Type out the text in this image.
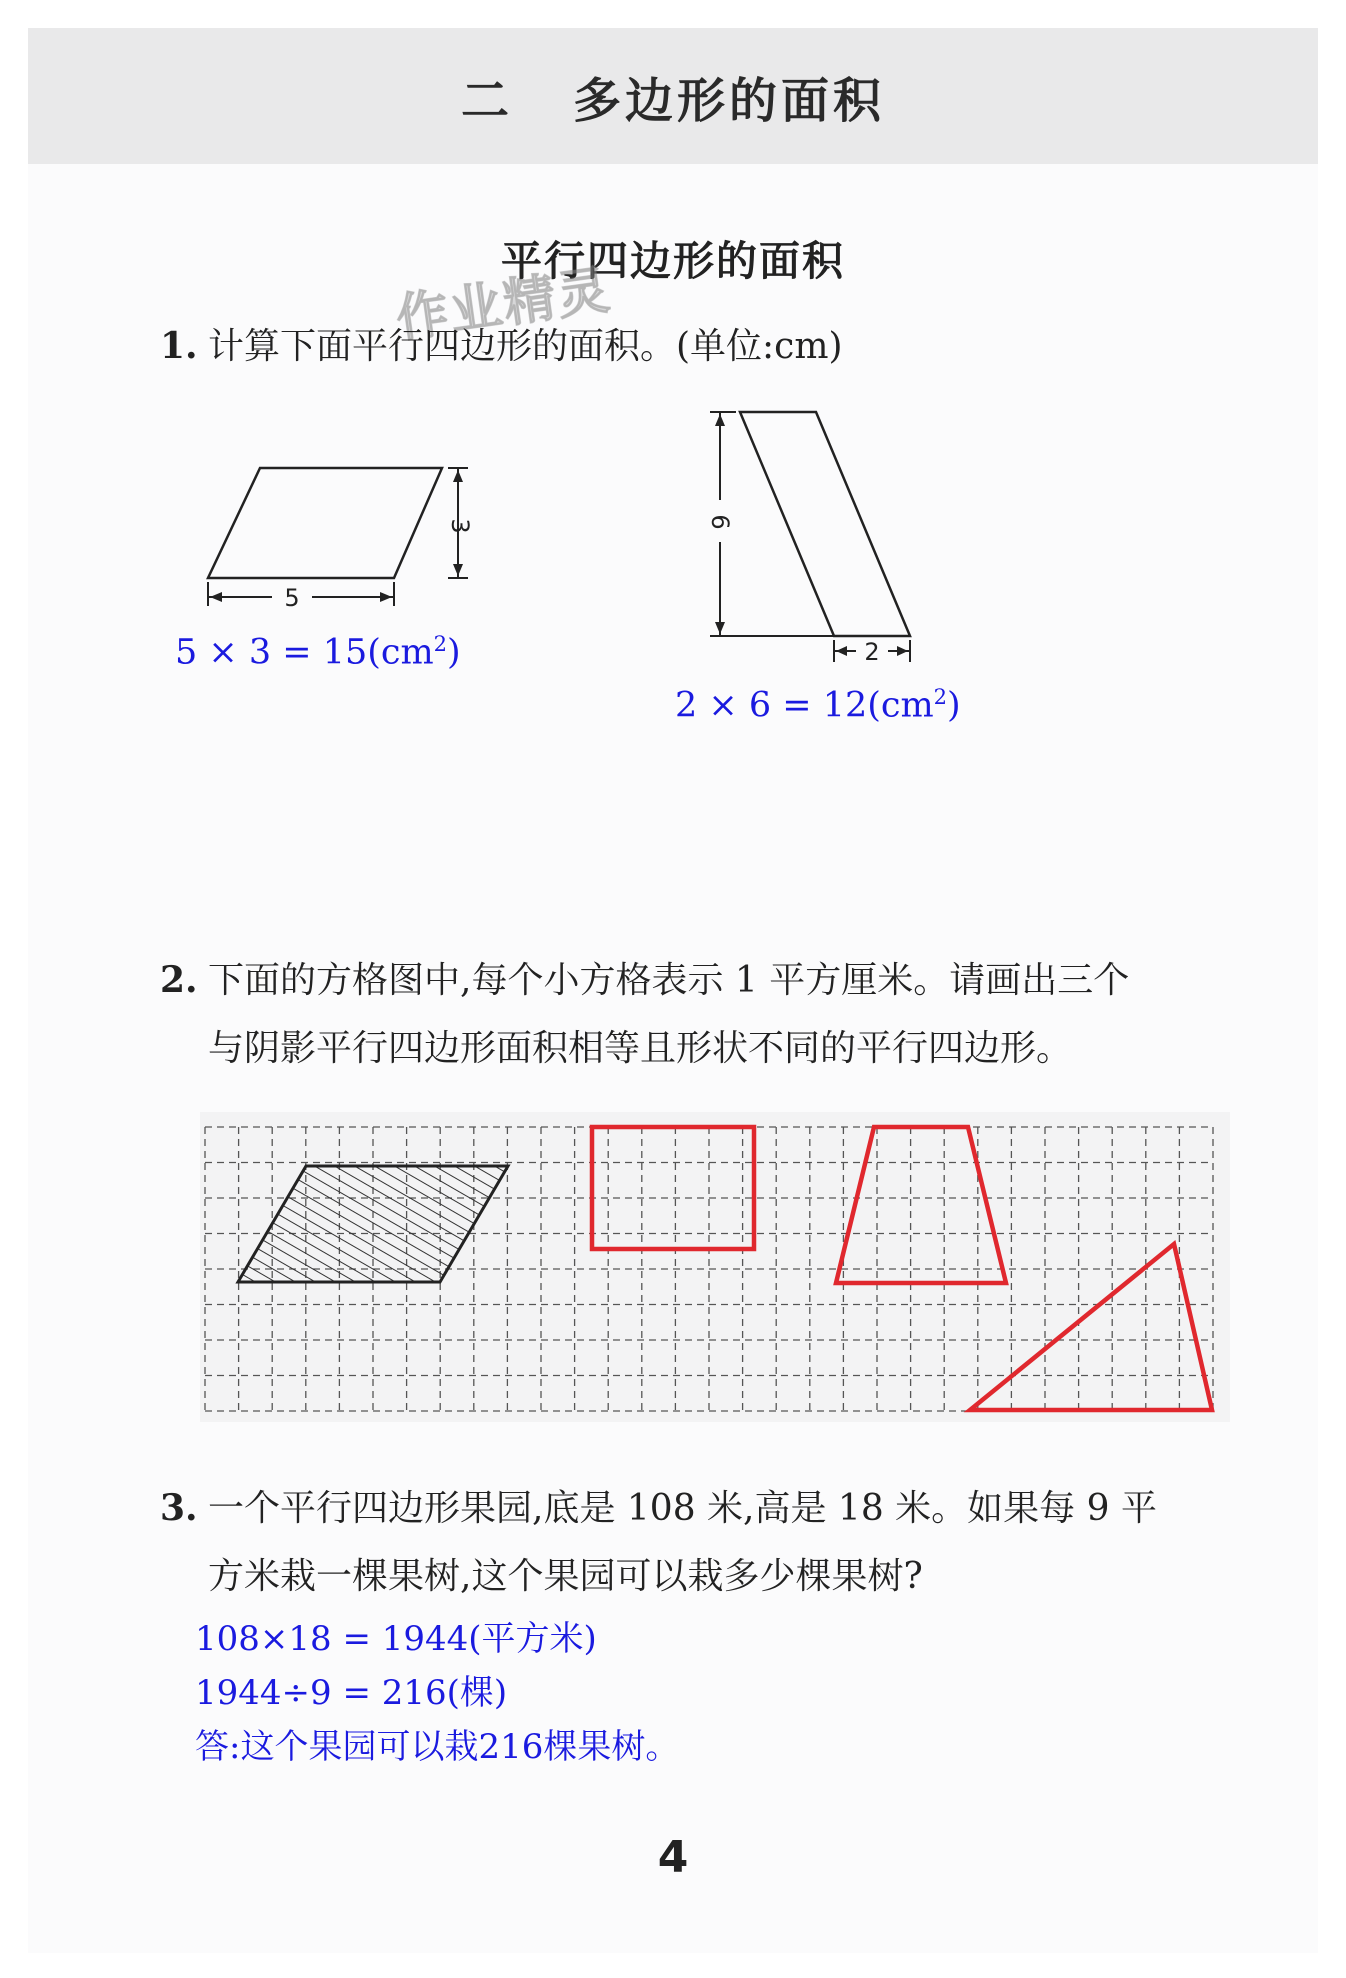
二 多边形的面积
平行四边形的面积
作业精灵
1. 计算下面平行四边形的面积。(单位:cm)
3
5
$5 \times 3 = 15(cm^2)$
6
2
$2 \times 6 = 12(cm^2)$
2. 下面的方格图中,每个小方格表示 1 平方厘米。请画出三个
与阴影平行四边形面积相等且形状不同的平行四边形。
3. 一个平行四边形果园,底是 108 米,高是 18 米。如果每 9 平
方米栽一棵果树,这个果园可以栽多少棵果树?
108×18 = 1944(平方米)
1944÷9 = 216(棵)
答:这个果园可以栽216棵果树。
4
